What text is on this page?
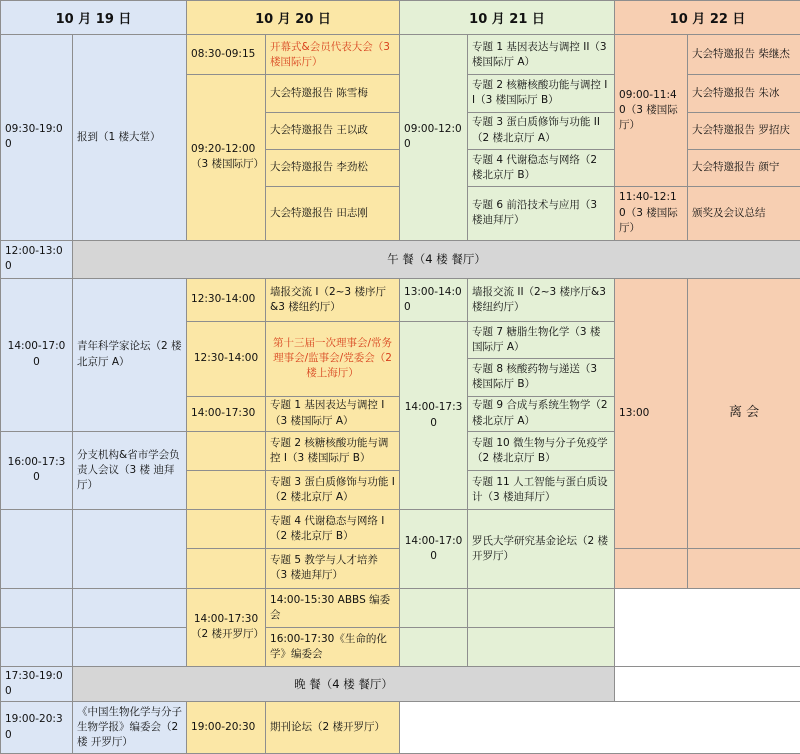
10 月 19 日		10 月 20 日		10 月 21 日		10 月 22 日	
09:30-19:00	报到（1 楼大堂）	08:30-09:15	开幕式&会员代表大会（3 楼国际厅）	09:00-12:00	专题 1 基因表达与调控 II（3 楼国际厅 A）	09:00-11:40（3 楼国际厅）	大会特邀报告 柴继杰
		09:20-12:00（3 楼国际厅）	大会特邀报告 陈雪梅		专题 2 核糖核酸功能与调控 II（3 楼国际厅 B）		大会特邀报告 朱冰
			大会特邀报告 王以政		专题 3 蛋白质修饰与功能 II（2 楼北京厅 A）		大会特邀报告 罗招庆
			大会特邀报告 李劲松		专题 4 代谢稳态与网络（2 楼北京厅 B）		大会特邀报告 颜宁
			大会特邀报告 田志刚		专题 6 前沿技术与应用（3 楼迪拜厅）	11:40-12:10（3 楼国际厅）	颁奖及会议总结
12:00-13:00	午 餐（4 楼 餐厅）						
14:00-17:00	青年科学家论坛（2 楼 北京厅 A）	12:30-14:00	墙报交流 I（2~3 楼序厅 &3 楼纽约厅）	13:00-14:00	墙报交流 II（2~3 楼序厅&3 楼纽约厅）	13:00	离 会
		12:30-14:00	第十三届一次理事会/常务理事会/监事会/党委会（2 楼上海厅）	14:00-17:30	专题 7 糖脂生物化学（3 楼国际厅 A）		
					专题 8 核酸药物与递送（3 楼国际厅 B）		
		14:00-17:30	专题 1 基因表达与调控 I（3 楼国际厅 A）		专题 9 合成与系统生物学（2 楼北京厅 A）		
16:00-17:30	分支机构&省市学会负责人会议（3 楼 迪拜厅）		专题 2 核糖核酸功能与调控 I（3 楼国际厅 B）		专题 10 微生物与分子免疫学（2 楼北京厅 B）		
			专题 3 蛋白质修饰与功能 I（2 楼北京厅 A）		专题 11 人工智能与蛋白质设计（3 楼迪拜厅）		
			专题 4 代谢稳态与网络 I（2 楼北京厅 B）	14:00-17:00	罗氏大学研究基金论坛（2 楼开罗厅）		
			专题 5 教学与人才培养（3 楼迪拜厅）				
		14:00-17:30（2 楼开罗厅）	14:00-15:30 ABBS 编委会				
			16:00-17:30《生命的化学》编委会				
17:30-19:00	晚 餐（4 楼 餐厅）						
19:00-20:30	《中国生物化学与分子生物学报》编委会（2 楼 开罗厅）	19:00-20:30	期刊论坛（2 楼开罗厅）				
